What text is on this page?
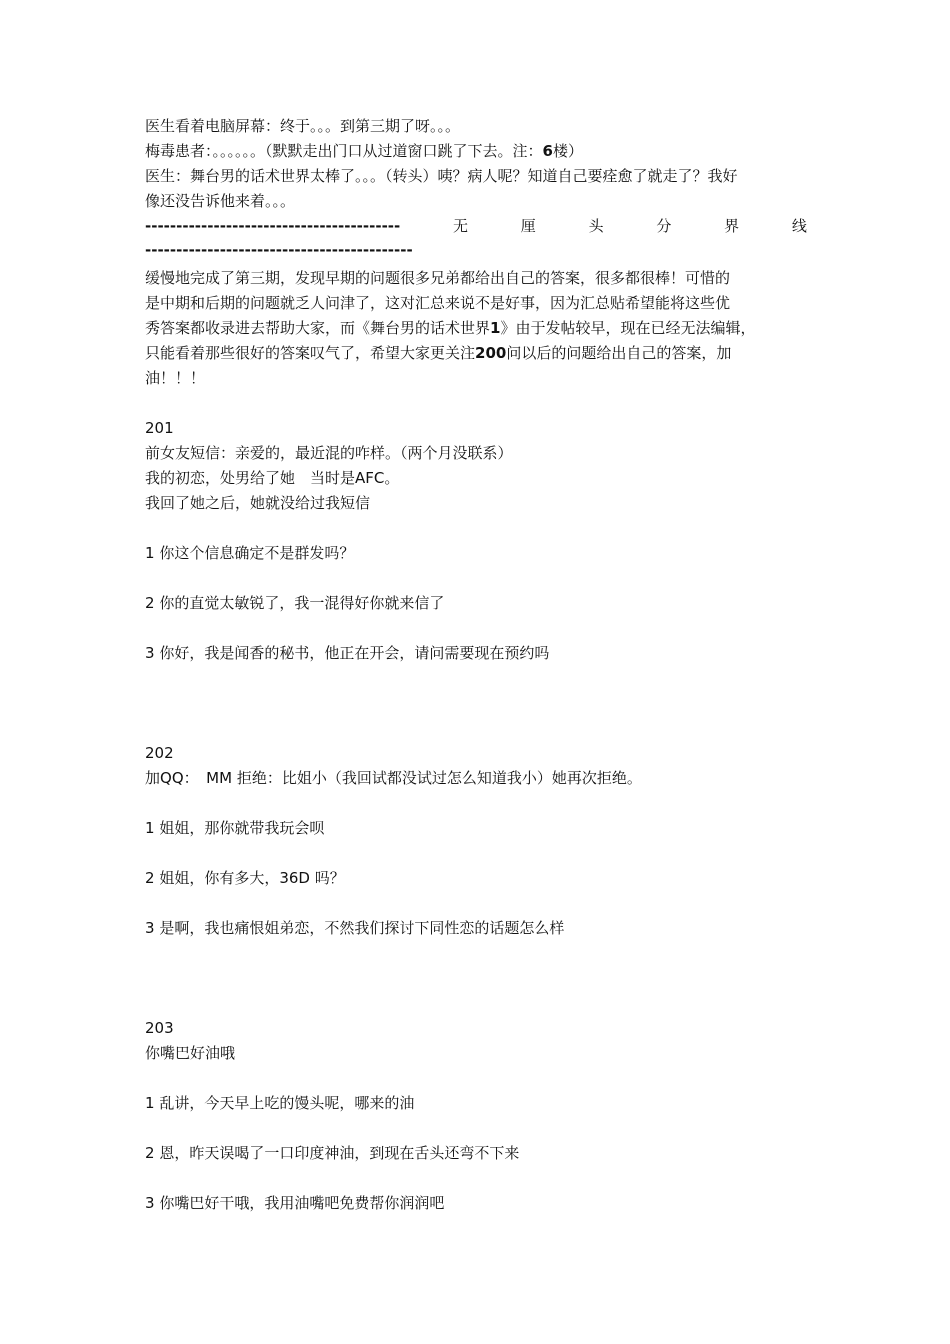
医生看着电脑屏幕：终于。。。到第三期了呀。。。
梅毒患者：。。。。。。（默默走出门口从过道窗口跳了下去。注：6楼）
医生：舞台男的话术世界太棒了。。。（转头）咦？病人呢？知道自己要痊愈了就走了？我好
像还没告诉他来着。。。
-----------------------------------------	无	厘	头	分	界	线
-------------------------------------------
缓慢地完成了第三期，发现早期的问题很多兄弟都给出自己的答案，很多都很棒！可惜的
是中期和后期的问题就乏人问津了，这对汇总来说不是好事，因为汇总贴希望能将这些优
秀答案都收录进去帮助大家，而《舞台男的话术世界1》由于发帖较早，现在已经无法编辑，
只能看着那些很好的答案叹气了，希望大家更关注200问以后的问题给出自己的答案，加
油！！！
201
前女友短信：亲爱的，最近混的咋样。（两个月没联系）
我的初恋，处男给了她　当时是AFC。
我回了她之后，她就没给过我短信
1 你这个信息确定不是群发吗？
2 你的直觉太敏锐了，我一混得好你就来信了
3 你好，我是闻香的秘书，他正在开会，请问需要现在预约吗
202
加QQ：　MM 拒绝：比姐小（我回试都没试过怎么知道我小）她再次拒绝。
1 姐姐，那你就带我玩会呗
2 姐姐，你有多大，36D 吗？
3 是啊，我也痛恨姐弟恋，不然我们探讨下同性恋的话题怎么样
203
你嘴巴好油哦
1 乱讲，今天早上吃的馒头呢，哪来的油
2 恩，昨天误喝了一口印度神油，到现在舌头还弯不下来
3 你嘴巴好干哦，我用油嘴吧免费帮你润润吧
